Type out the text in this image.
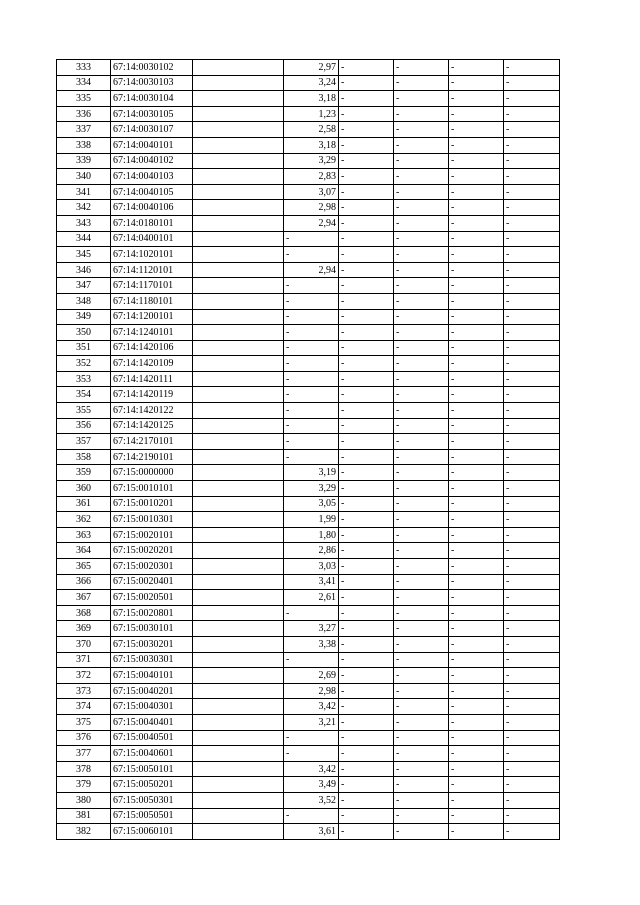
333	67:14:0030102		2,97	-	-	-	-
334	67:14:0030103		3,24	-	-	-	-
335	67:14:0030104		3,18	-	-	-	-
336	67:14:0030105		1,23	-	-	-	-
337	67:14:0030107		2,58	-	-	-	-
338	67:14:0040101		3,18	-	-	-	-
339	67:14:0040102		3,29	-	-	-	-
340	67:14:0040103		2,83	-	-	-	-
341	67:14:0040105		3,07	-	-	-	-
342	67:14:0040106		2,98	-	-	-	-
343	67:14:0180101		2,94	-	-	-	-
344	67:14:0400101		-	-	-	-	-
345	67:14:1020101		-	-	-	-	-
346	67:14:1120101		2,94	-	-	-	-
347	67:14:1170101		-	-	-	-	-
348	67:14:1180101		-	-	-	-	-
349	67:14:1200101		-	-	-	-	-
350	67:14:1240101		-	-	-	-	-
351	67:14:1420106		-	-	-	-	-
352	67:14:1420109		-	-	-	-	-
353	67:14:1420111		-	-	-	-	-
354	67:14:1420119		-	-	-	-	-
355	67:14:1420122		-	-	-	-	-
356	67:14:1420125		-	-	-	-	-
357	67:14:2170101		-	-	-	-	-
358	67:14:2190101		-	-	-	-	-
359	67:15:0000000		3,19	-	-	-	-
360	67:15:0010101		3,29	-	-	-	-
361	67:15:0010201		3,05	-	-	-	-
362	67:15:0010301		1,99	-	-	-	-
363	67:15:0020101		1,80	-	-	-	-
364	67:15:0020201		2,86	-	-	-	-
365	67:15:0020301		3,03	-	-	-	-
366	67:15:0020401		3,41	-	-	-	-
367	67:15:0020501		2,61	-	-	-	-
368	67:15:0020801		-	-	-	-	-
369	67:15:0030101		3,27	-	-	-	-
370	67:15:0030201		3,38	-	-	-	-
371	67:15:0030301		-	-	-	-	-
372	67:15:0040101		2,69	-	-	-	-
373	67:15:0040201		2,98	-	-	-	-
374	67:15:0040301		3,42	-	-	-	-
375	67:15:0040401		3,21	-	-	-	-
376	67:15:0040501		-	-	-	-	-
377	67:15:0040601		-	-	-	-	-
378	67:15:0050101		3,42	-	-	-	-
379	67:15:0050201		3,49	-	-	-	-
380	67:15:0050301		3,52	-	-	-	-
381	67:15:0050501		-	-	-	-	-
382	67:15:0060101		3,61	-	-	-	-
